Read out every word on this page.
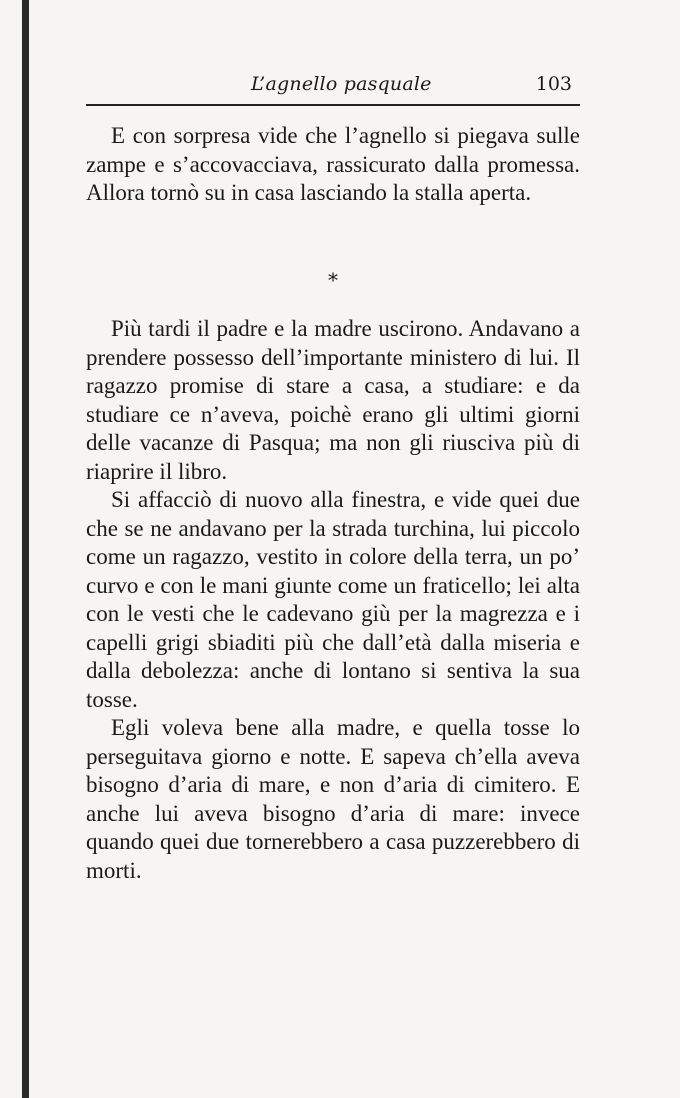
L’agnello pasquale	103

E con sorpresa vide che l’agnello si piegava sulle zampe e s’accovacciava, rassicurato dalla promessa. Allora tornò su in casa lasciando la stalla aperta.

*

Più tardi il padre e la madre uscirono. Andavano a prendere possesso dell’importante ministero di lui. Il ragazzo promise di stare a casa, a studiare: e da studiare ce n’aveva, poichè erano gli ultimi giorni delle vacanze di Pasqua; ma non gli riusciva più di riaprire il libro.

Si affacciò di nuovo alla finestra, e vide quei due che se ne andavano per la strada turchina, lui piccolo come un ragazzo, vestito in colore della terra, un po’ curvo e con le mani giunte come un fraticello; lei alta con le vesti che le cadevano giù per la magrezza e i capelli grigi sbiaditi più che dall’età dalla miseria e dalla debolezza: anche di lontano si sentiva la sua tosse.

Egli voleva bene alla madre, e quella tosse lo perseguitava giorno e notte. E sapeva ch’ella aveva bisogno d’aria di mare, e non d’aria di cimitero. E anche lui aveva bisogno d’aria di mare: invece quando quei due tornerebbero a casa puzzerebbero di morti.
